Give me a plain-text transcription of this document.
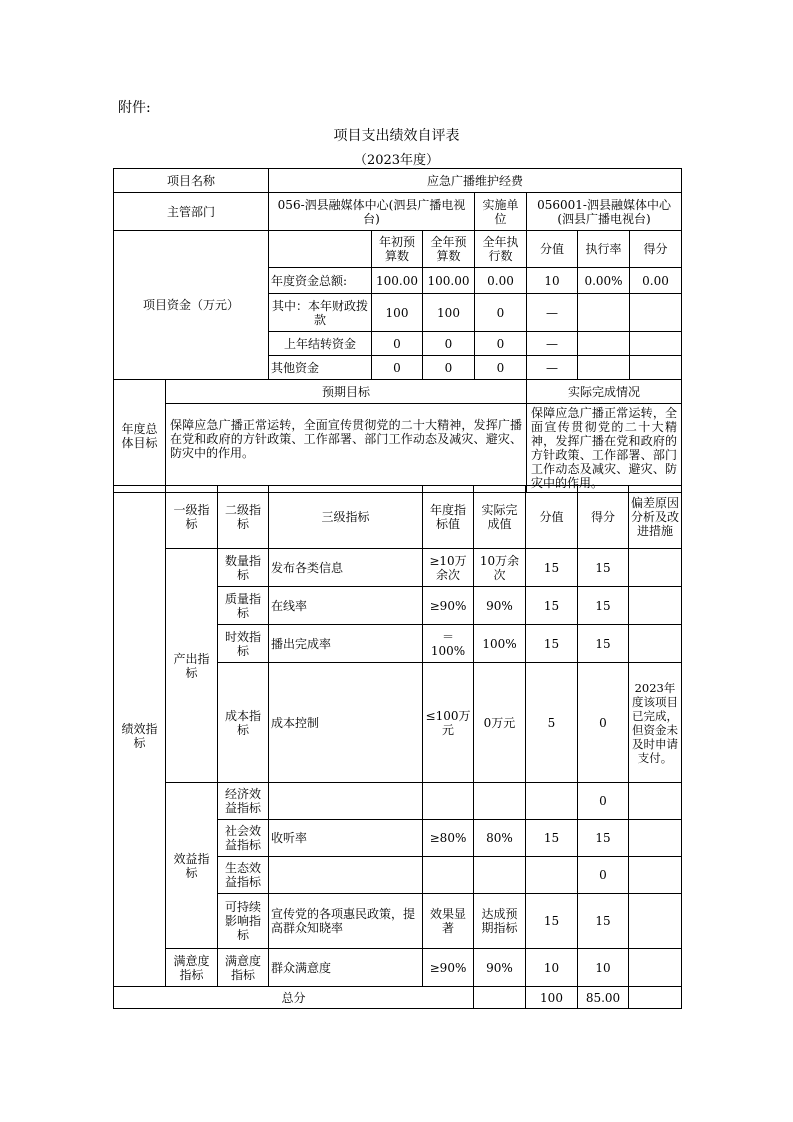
附件:
项目支出绩效自评表
（2023年度）
项目名称		应急广播维护经费						
主管部门		056-泗县融媒体中心(泗县广播电视台)			实施单位	056001-泗县融媒体中心(泗县广播电视台)		
项目资金（万元）			年初预算数	全年预算数	全年执行数	分值	执行率	得分
		年度资金总额:	100.00	100.00	0.00	10	0.00%	0.00
		其中：本年财政拨款	100	100	0	—		
		上年结转资金	0	0	0	—		
		其他资金	0	0	0	—		
年度总体目标	预期目标					实际完成情况		
	保障应急广播正常运转，全面宣传贯彻党的二十大精神，发挥广播在党和政府的方针政策、工作部署、部门工作动态及减灾、避灾、防灾中的作用。					保障应急广播正常运转，全面宣传贯彻党的二十大精神，发挥广播在党和政府的方针政策、工作部署、部门工作动态及减灾、避灾、防灾中的作用。		
绩效指标	一级指标	二级指标	三级指标	年度指标值	实际完成值	分值	得分	偏差原因分析及改进措施
	产出指标	数量指标	发布各类信息	≥10万余次	10万余次	15	15	
		质量指标	在线率	≥90%	90%	15	15	
		时效指标	播出完成率	＝100%	100%	15	15	
		成本指标	成本控制	≤100万元	0万元	5	0	2023年度该项目已完成，但资金未及时申请支付。
	效益指标	经济效益指标					0	
		社会效益指标	收听率	≥80%	80%	15	15	
		生态效益指标					0	
		可持续影响指标	宣传党的各项惠民政策，提高群众知晓率	效果显著	达成预期指标	15	15	
	满意度指标	满意度指标	群众满意度	≥90%	90%	10	10	
总分		100	85.00	
